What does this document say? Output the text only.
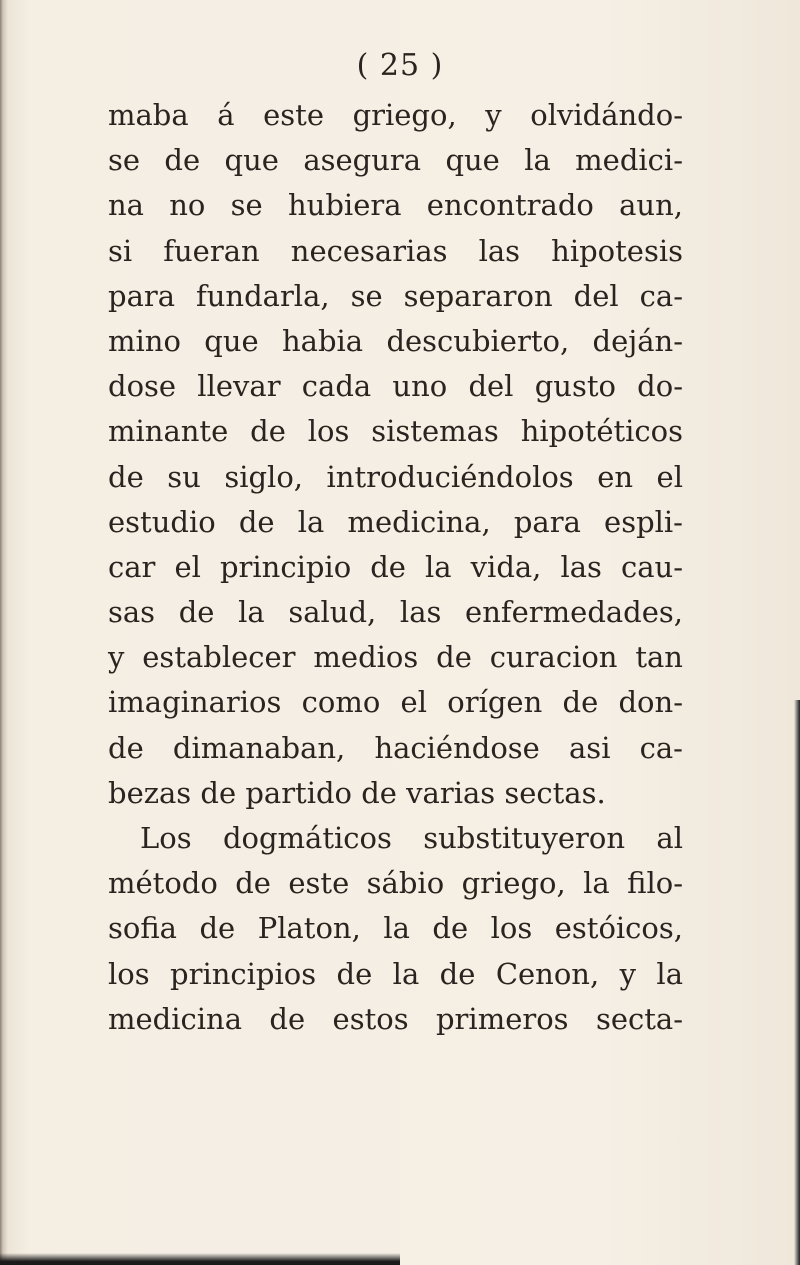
( 25 )
maba á este griego, y olvidándo-
se de que asegura que la medici-
na no se hubiera encontrado aun,
si fueran necesarias las hipotesis
para fundarla, se separaron del ca-
mino que habia descubierto, deján-
dose llevar cada uno del gusto do-
minante de los sistemas hipotéticos
de su siglo, introduciéndolos en el
estudio de la medicina, para espli-
car el principio de la vida, las cau-
sas de la salud, las enfermedades,
y establecer medios de curacion tan
imaginarios como el orígen de don-
de dimanaban, haciéndose asi ca-
bezas de partido de varias sectas.
Los dogmáticos substituyeron al
método de este sábio griego, la filo-
sofia de Platon, la de los estóicos,
los principios de la de Cenon, y la
medicina de estos primeros secta-
